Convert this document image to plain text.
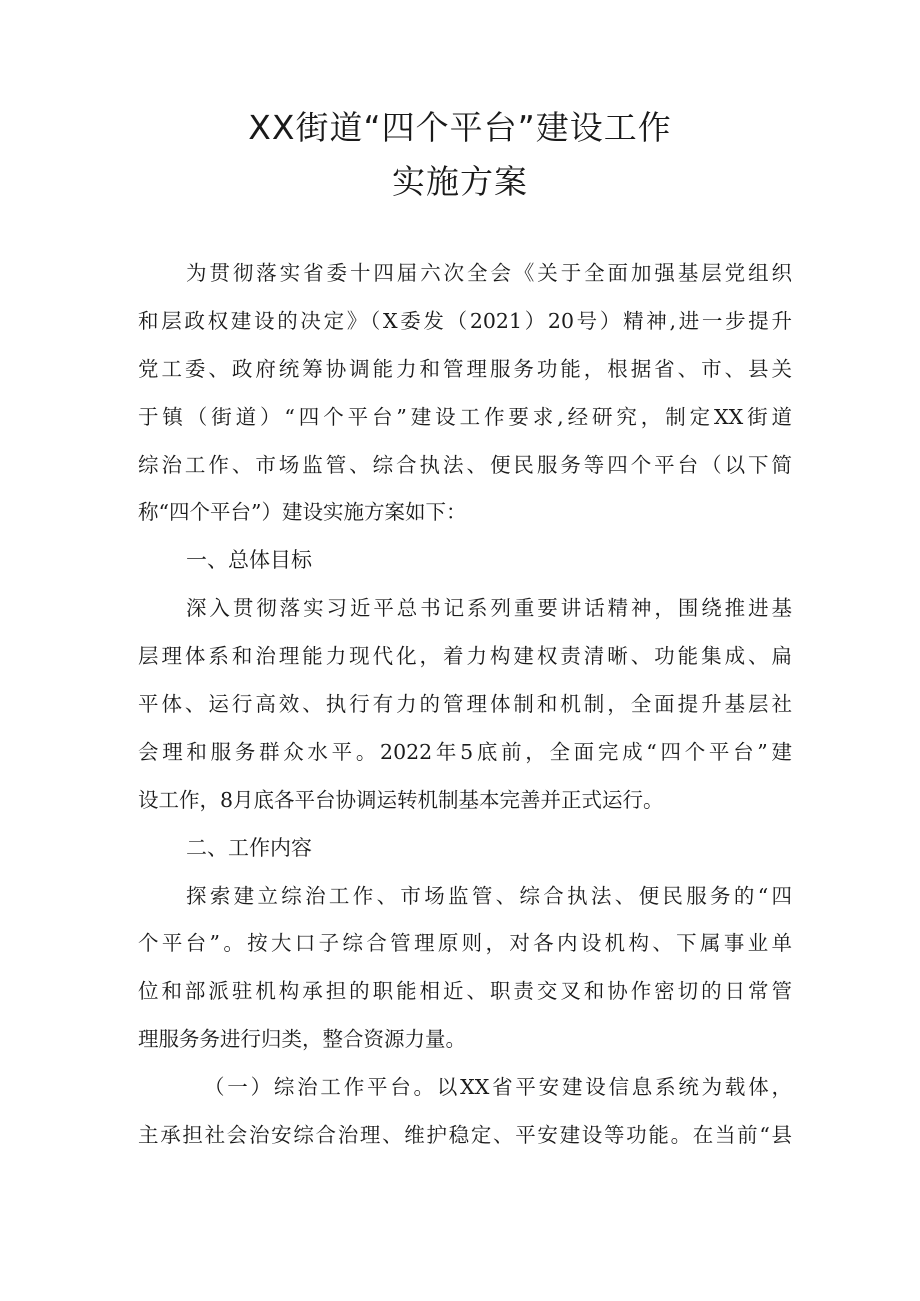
XX街道“四个平台”建设工作
实施方案
为贯彻落实省委十四届六次全会《关于全面加强基层党组织
和层政权建设的决定》（X委发（2021）20号）精神,进一步提升
党工委、政府统筹协调能力和管理服务功能，根据省、市、县关
于镇（街道）“四个平台”建设工作要求,经研究，制定XX街道
综治工作、市场监管、综合执法、便民服务等四个平台（以下简
称“四个平台”）建设实施方案如下：
一、总体目标
深入贯彻落实习近平总书记系列重要讲话精神，围绕推进基
层理体系和治理能力现代化，着力构建权责清晰、功能集成、扁
平体、运行高效、执行有力的管理体制和机制，全面提升基层社
会理和服务群众水平。2022年5底前，全面完成“四个平台”建
设工作，8月底各平台协调运转机制基本完善并正式运行。
二、工作内容
探索建立综治工作、市场监管、综合执法、便民服务的“四
个平台”。按大口子综合管理原则，对各内设机构、下属事业单
位和部派驻机构承担的职能相近、职责交叉和协作密切的日常管
理服务务进行归类，整合资源力量。
（一）综治工作平台。以XX省平安建设信息系统为载体，
主承担社会治安综合治理、维护稳定、平安建设等功能。在当前“县
